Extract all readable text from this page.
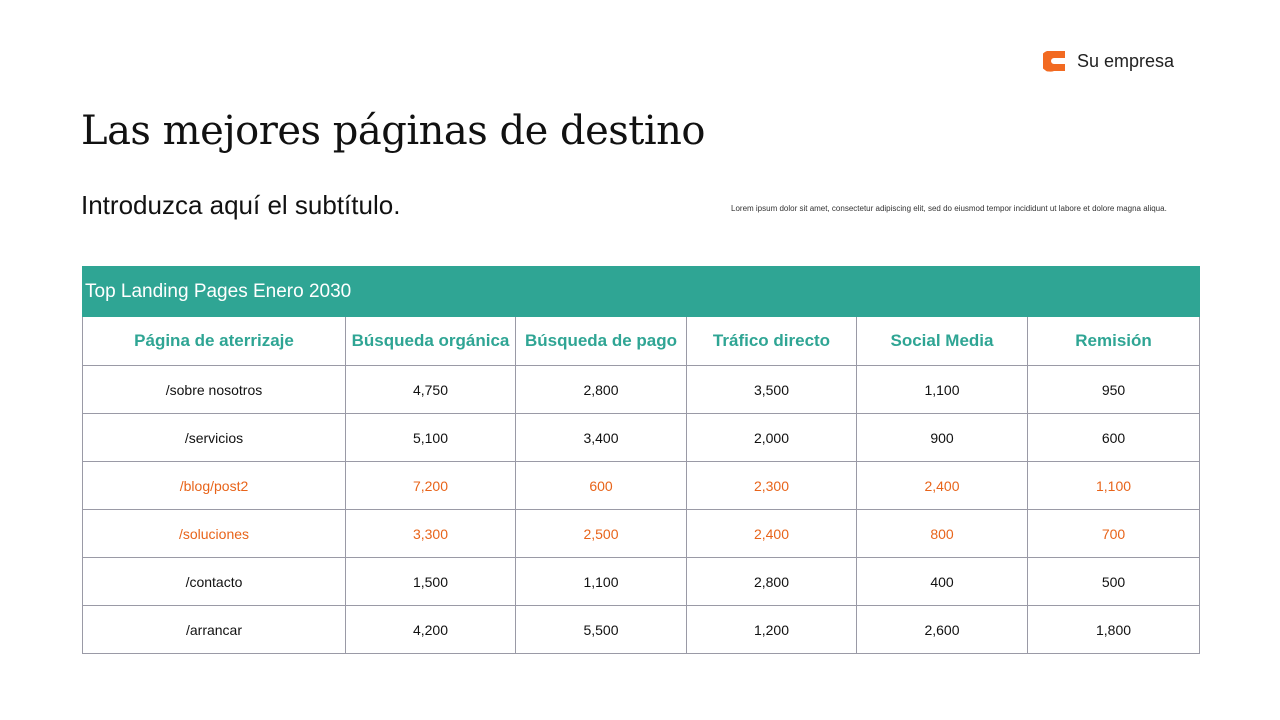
Su empresa
Las mejores páginas de destino
Introduzca aquí el subtítulo.	Lorem ipsum dolor sit amet, consectetur adipiscing elit, sed do eiusmod tempor incididunt ut labore et dolore magna aliqua.
Top Landing Pages Enero 2030					
Página de aterrizaje	Búsqueda orgánica	Búsqueda de pago	Tráfico directo	Social Media	Remisión
/sobre nosotros	4,750	2,800	3,500	1,100	950
/servicios	5,100	3,400	2,000	900	600
/blog/post2	7,200	600	2,300	2,400	1,100
/soluciones	3,300	2,500	2,400	800	700
/contacto	1,500	1,100	2,800	400	500
/arrancar	4,200	5,500	1,200	2,600	1,800
